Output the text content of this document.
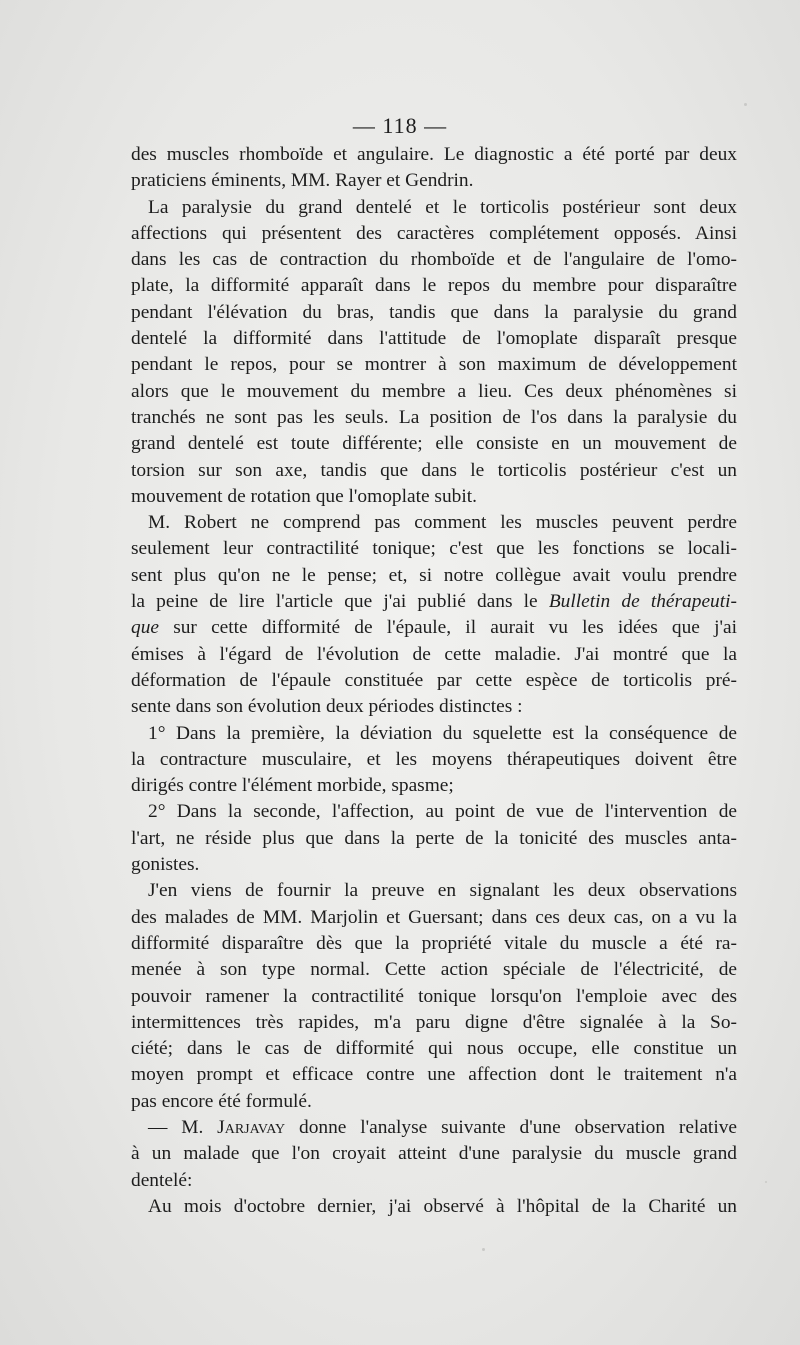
— 118 —
des muscles rhomboïde et angulaire. Le diagnostic a été porté par deux
praticiens éminents, MM. Rayer et Gendrin.
La paralysie du grand dentelé et le torticolis postérieur sont deux
affections qui présentent des caractères complétement opposés. Ainsi
dans les cas de contraction du rhomboïde et de l'angulaire de l'omo-
plate, la difformité apparaît dans le repos du membre pour disparaître
pendant l'élévation du bras, tandis que dans la paralysie du grand
dentelé la difformité dans l'attitude de l'omoplate disparaît presque
pendant le repos, pour se montrer à son maximum de développement
alors que le mouvement du membre a lieu. Ces deux phénomènes si
tranchés ne sont pas les seuls. La position de l'os dans la paralysie du
grand dentelé est toute différente; elle consiste en un mouvement de
torsion sur son axe, tandis que dans le torticolis postérieur c'est un
mouvement de rotation que l'omoplate subit.
M. Robert ne comprend pas comment les muscles peuvent perdre
seulement leur contractilité tonique; c'est que les fonctions se locali-
sent plus qu'on ne le pense; et, si notre collègue avait voulu prendre
la peine de lire l'article que j'ai publié dans le Bulletin de thérapeuti-
que sur cette difformité de l'épaule, il aurait vu les idées que j'ai
émises à l'égard de l'évolution de cette maladie. J'ai montré que la
déformation de l'épaule constituée par cette espèce de torticolis pré-
sente dans son évolution deux périodes distinctes :
1° Dans la première, la déviation du squelette est la conséquence de
la contracture musculaire, et les moyens thérapeutiques doivent être
dirigés contre l'élément morbide, spasme;
2° Dans la seconde, l'affection, au point de vue de l'intervention de
l'art, ne réside plus que dans la perte de la tonicité des muscles anta-
gonistes.
J'en viens de fournir la preuve en signalant les deux observations
des malades de MM. Marjolin et Guersant; dans ces deux cas, on a vu la
difformité disparaître dès que la propriété vitale du muscle a été ra-
menée à son type normal. Cette action spéciale de l'électricité, de
pouvoir ramener la contractilité tonique lorsqu'on l'emploie avec des
intermittences très rapides, m'a paru digne d'être signalée à la So-
ciété; dans le cas de difformité qui nous occupe, elle constitue un
moyen prompt et efficace contre une affection dont le traitement n'a
pas encore été formulé.
— M. Jarjavay donne l'analyse suivante d'une observation relative
à un malade que l'on croyait atteint d'une paralysie du muscle grand
dentelé:
Au mois d'octobre dernier, j'ai observé à l'hôpital de la Charité un
